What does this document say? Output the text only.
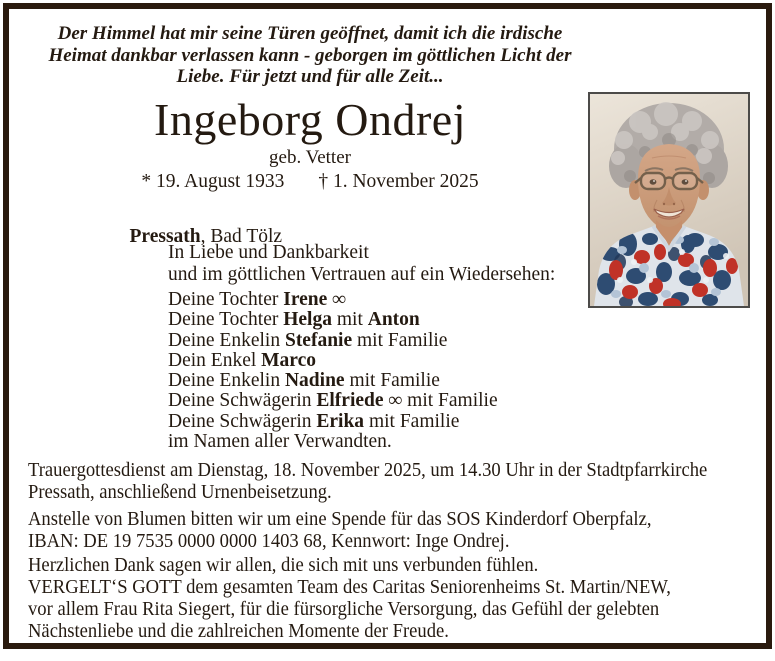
Der Himmel hat mir seine Türen geöffnet, damit ich die irdische
Heimat dankbar verlassen kann - geborgen im göttlichen Licht der
Liebe. Für jetzt und für alle Zeit...
Ingeborg Ondrej
geb. Vetter
* 19. August 1933 † 1. November 2025

Pressath, Bad Tölz

In Liebe und Dankbarkeit
und im göttlichen Vertrauen auf ein Wiedersehen:
Deine Tochter Irene ∞
Deine Tochter Helga mit Anton
Deine Enkelin Stefanie mit Familie
Dein Enkel Marco
Deine Enkelin Nadine mit Familie
Deine Schwägerin Elfriede ∞ mit Familie
Deine Schwägerin Erika mit Familie
im Namen aller Verwandten.
Trauergottesdienst am Dienstag, 18. November 2025, um 14.30 Uhr in der Stadtpfarrkirche
Pressath, anschließend Urnenbeisetzung.
Anstelle von Blumen bitten wir um eine Spende für das SOS Kinderdorf Oberpfalz,
IBAN: DE 19 7535 0000 0000 1403 68, Kennwort: Inge Ondrej.
Herzlichen Dank sagen wir allen, die sich mit uns verbunden fühlen.
VERGELT‘S GOTT dem gesamten Team des Caritas Seniorenheims St. Martin/NEW,
vor allem Frau Rita Siegert, für die fürsorgliche Versorgung, das Gefühl der gelebten
Nächstenliebe und die zahlreichen Momente der Freude.
